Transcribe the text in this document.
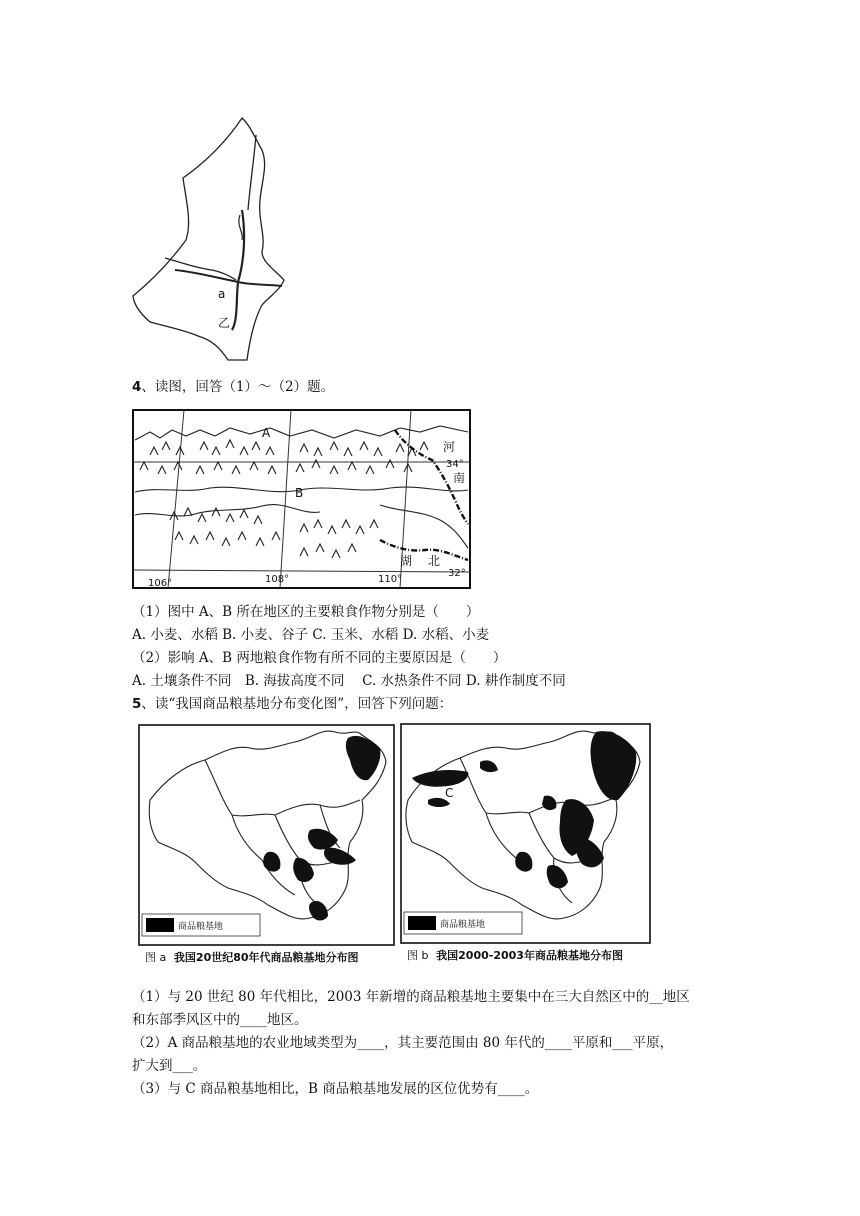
a
乙
4、读图，回答（1）～（2）题。
A
B
河
南
湖 北
34°
32°
106°	108°	110°
（1）图中 A、B 所在地区的主要粮食作物分别是（　　）
A. 小麦、水稻 B. 小麦、谷子 C. 玉米、水稻 D. 水稻、小麦
（2）影响 A、B 两地粮食作物有所不同的主要原因是（　　）
A. 土壤条件不同　B. 海拔高度不同　 C. 水热条件不同 D. 耕作制度不同
5、读“我国商品粮基地分布变化图”，回答下列问题：
商品粮基地
图 a 我国20世纪80年代商品粮基地分布图
A
B
C
商品粮基地
图 b 我国2000-2003年商品粮基地分布图
（1）与 20 世纪 80 年代相比，2003 年新增的商品粮基地主要集中在三大自然区中的__地区
和东部季风区中的____地区。
（2）A 商品粮基地的农业地域类型为____，其主要范围由 80 年代的____平原和___平原，
扩大到___。
（3）与 C 商品粮基地相比，B 商品粮基地发展的区位优势有____。
